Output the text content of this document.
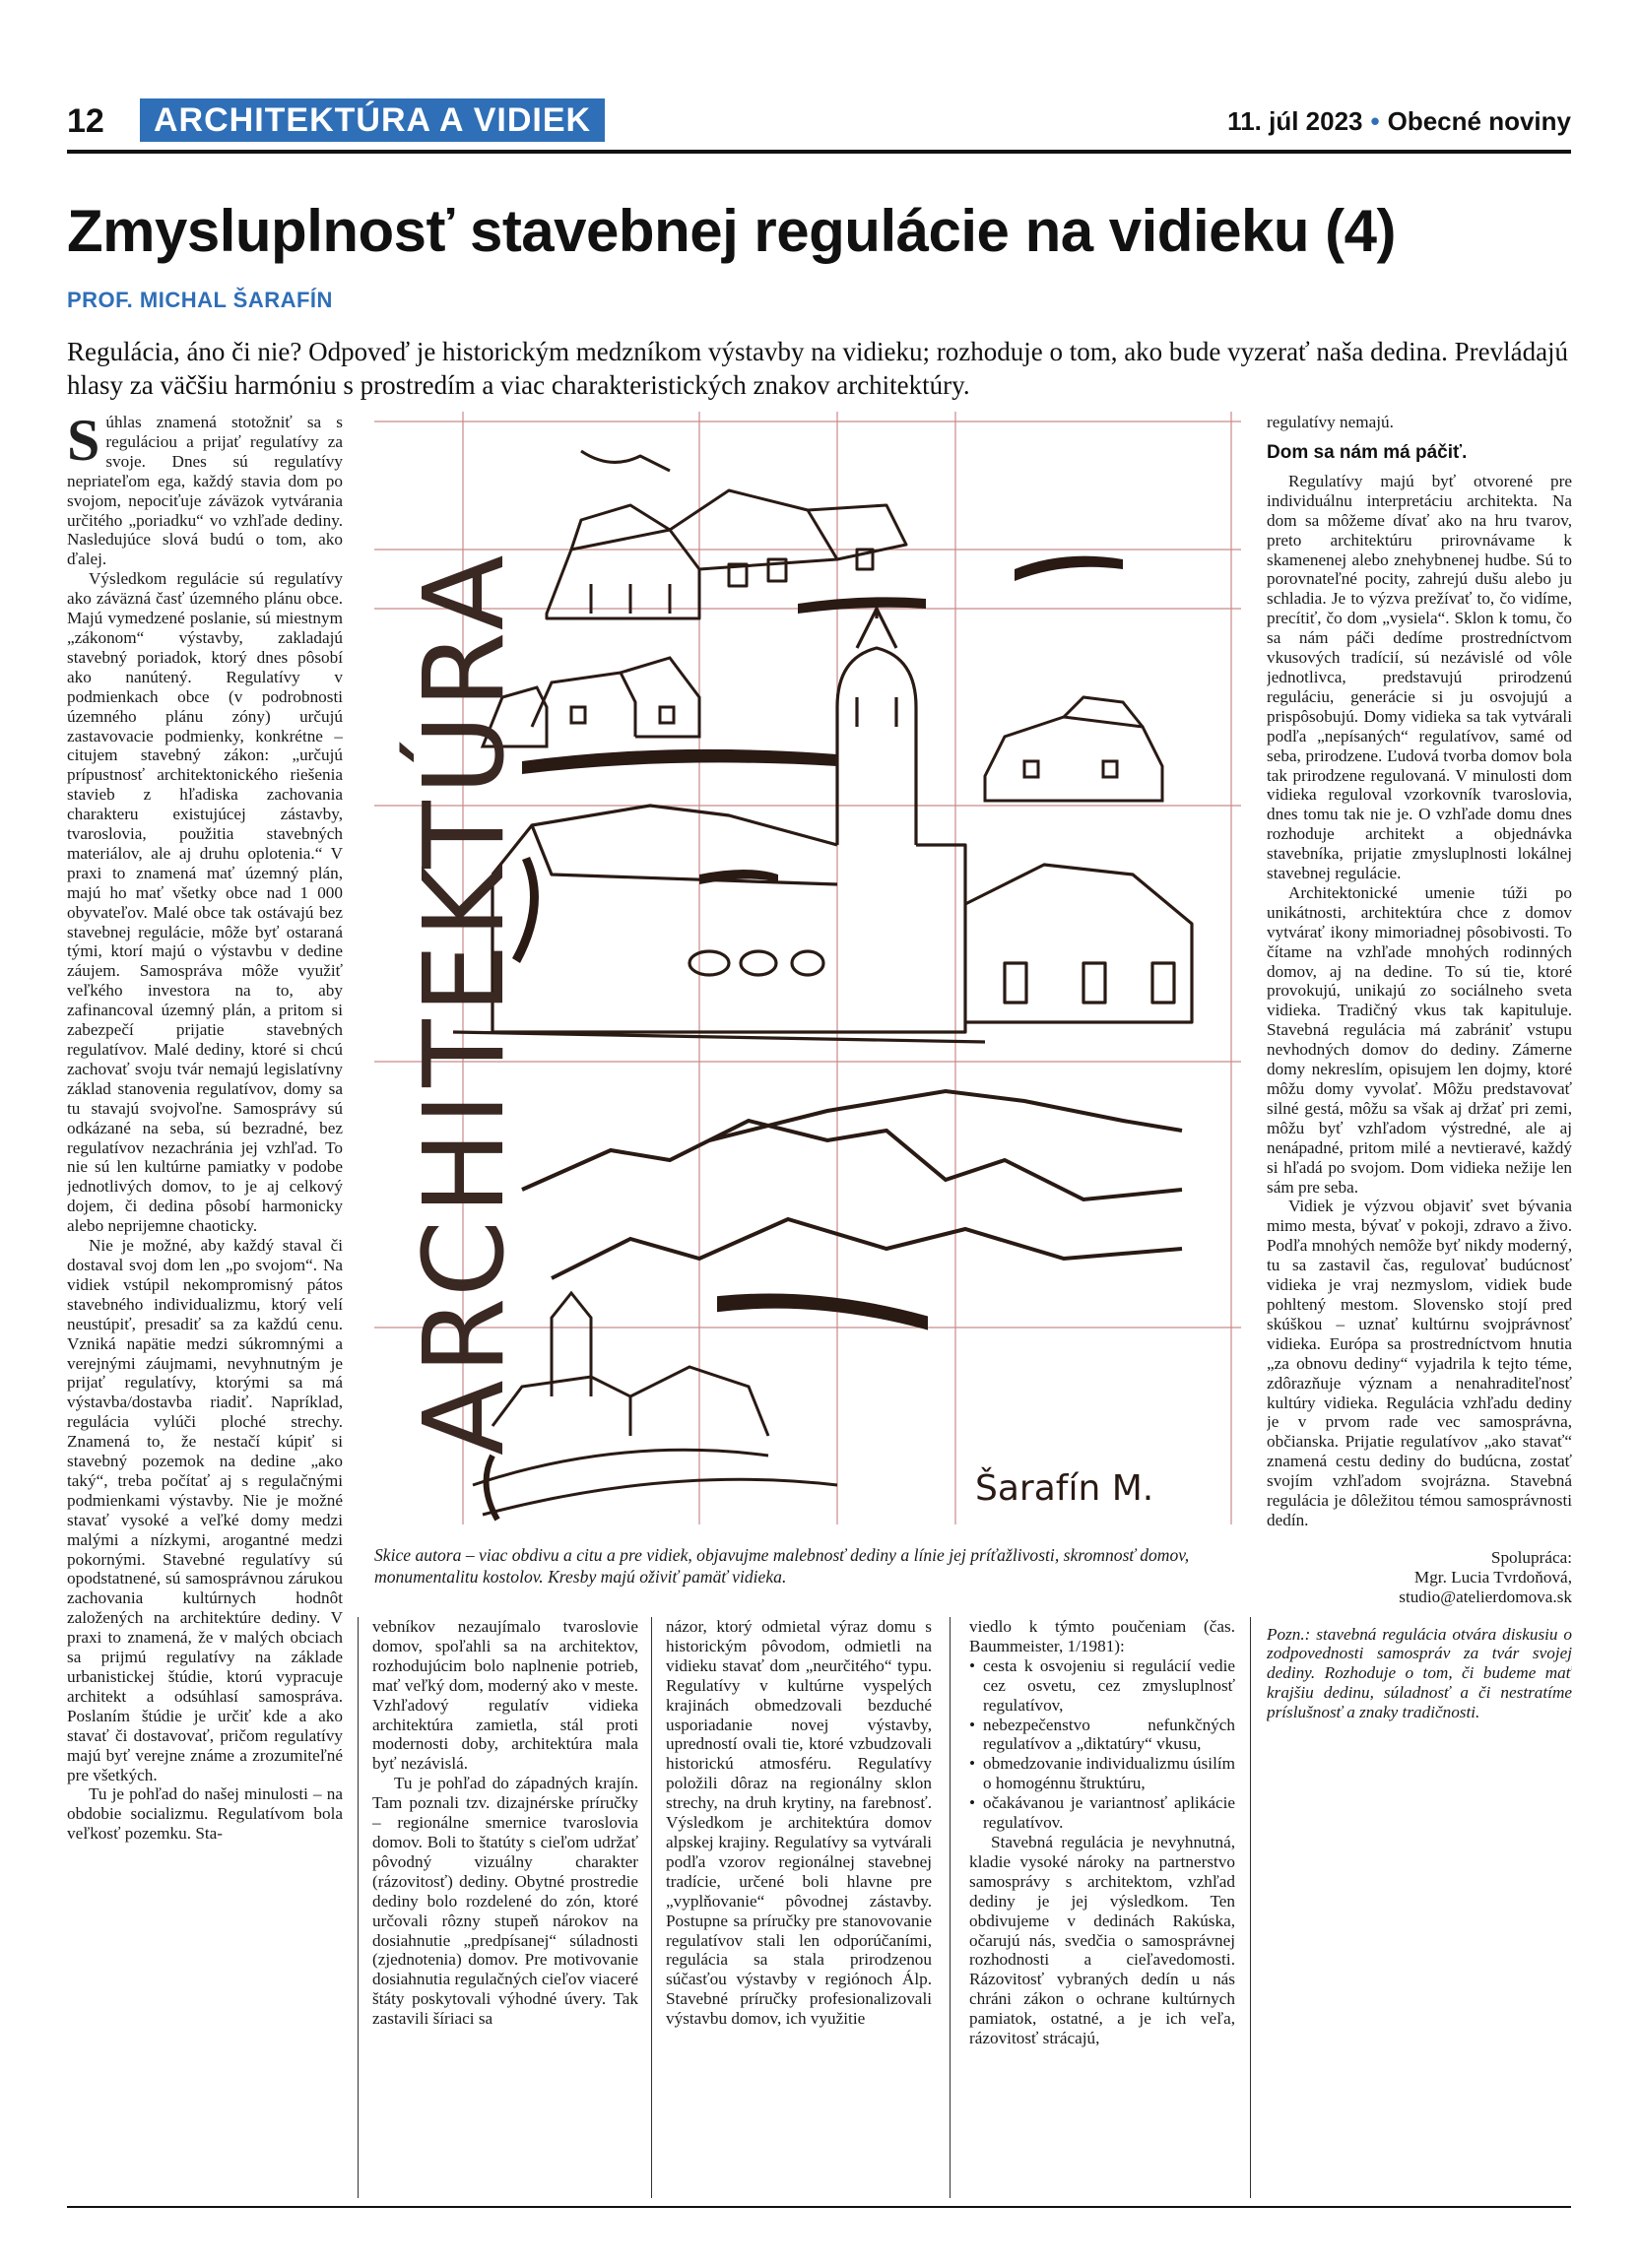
12	ARCHITEKTÚRA A VIDIEK	11. júl 2023 • Obecné noviny
Zmysluplnosť stavebnej regulácie na vidieku (4)
PROF. MICHAL ŠARAFÍN

Regulácia, áno či nie? Odpoveď je historickým medzníkom výstavby na vidieku; rozhoduje o tom, ako bude vyzerať naša dedina. Prevládajú hlasy za väčšiu harmóniu s prostredím a viac charakteristických znakov architektúry.

Súhlas znamená stotožniť sa s reguláciou a prijať regulatívy za svoje. Dnes sú regulatívy nepriateľom ega, každý stavia dom po svojom, nepociťuje záväzok vytvárania určitého „poriadku“ vo vzhľade dediny. Nasledujúce slová budú o tom, ako ďalej.

Výsledkom regulácie sú regulatívy ako záväzná časť územného plánu obce. Majú vymedzené poslanie, sú miestnym „zákonom“ výstavby, zakladajú stavebný poriadok, ktorý dnes pôsobí ako nanútený. Regulatívy v podmienkach obce (v podrobnosti územného plánu zóny) určujú zastavovacie podmienky, konkrétne – citujem stavebný zákon: „určujú prípustnosť architektonického riešenia stavieb z hľadiska zachovania charakteru existujúcej zástavby, tvaroslovia, použitia stavebných materiálov, ale aj druhu oplotenia.“ V praxi to znamená mať územný plán, majú ho mať všetky obce nad 1 000 obyvateľov. Malé obce tak ostávajú bez stavebnej regulácie, môže byť ostaraná tými, ktorí majú o výstavbu v dedine záujem. Samospráva môže využiť veľkého investora na to, aby zafinancoval územný plán, a pritom si zabezpečí prijatie stavebných regulatívov. Malé dediny, ktoré si chcú zachovať svoju tvár nemajú legislatívny základ stanovenia regulatívov, domy sa tu stavajú svojvoľne. Samosprávy sú odkázané na seba, sú bezradné, bez regulatívov nezachránia jej vzhľad. To nie sú len kultúrne pamiatky v podobe jednotlivých domov, to je aj celkový dojem, či dedina pôsobí harmonicky alebo neprijemne chaoticky.

Nie je možné, aby každý staval či dostaval svoj dom len „po svojom“. Na vidiek vstúpil nekompromisný pátos stavebného individualizmu, ktorý velí neustúpiť, presadiť sa za každú cenu. Vzniká napätie medzi súkromnými a verejnými záujmami, nevyhnutným je prijať regulatívy, ktorými sa má výstavba/dostavba riadiť. Napríklad, regulácia vylúči ploché strechy. Znamená to, že nestačí kúpiť si stavebný pozemok na dedine „ako taký“, treba počítať aj s regulačnými podmienkami výstavby. Nie je možné stavať vysoké a veľké domy medzi malými a nízkymi, arogantné medzi pokornými. Stavebné regulatívy sú opodstatnené, sú samosprávnou zárukou zachovania kultúrnych hodnôt založených na architektúre dediny. V praxi to znamená, že v malých obciach sa prijmú regulatívy na základe urbanistickej štúdie, ktorú vypracuje architekt a odsúhlasí samospráva. Poslaním štúdie je určiť kde a ako stavať či dostavovať, pričom regulatívy majú byť verejne známe a zrozumiteľné pre všetkých.

Tu je pohľad do našej minulosti – na obdobie socializmu. Regulatívom bola veľkosť pozemku. Sta-

ARCHITEKTÚRA
Šarafín M.
Skice autora – viac obdivu a citu a pre vidiek, objavujme malebnosť dediny a línie jej príťažlivosti, skromnosť domov, monumentalitu kostolov. Kresby majú oživiť pamäť vidieka.

vebníkov nezaujímalo tvaroslovie domov, spoľahli sa na architektov, rozhodujúcim bolo naplnenie potrieb, mať veľký dom, moderný ako v meste. Vzhľadový regulatív vidieka architektúra zamietla, stál proti modernosti doby, architektúra mala byť nezávislá.

Tu je pohľad do západných krajín. Tam poznali tzv. dizajnérske príručky – regionálne smernice tvaroslovia domov. Boli to štatúty s cieľom udržať pôvodný vizuálny charakter (rázovitosť) dediny. Obytné prostredie dediny bolo rozdelené do zón, ktoré určovali rôzny stupeň nárokov na dosiahnutie „predpísanej“ súladnosti (zjednotenia) domov. Pre motivovanie dosiahnutia regulačných cieľov viaceré štáty poskytovali výhodné úvery. Tak zastavili šíriaci sa

názor, ktorý odmietal výraz domu s historickým pôvodom, odmietli na vidieku stavať dom „neurčitého“ typu. Regulatívy v kultúrne vyspelých krajinách obmedzovali bezduché usporiadanie novej výstavby, upredností ovali tie, ktoré vzbudzovali historickú atmosféru. Regulatívy položili dôraz na regionálny sklon strechy, na druh krytiny, na farebnosť. Výsledkom je architektúra domov alpskej krajiny. Regulatívy sa vytvárali podľa vzorov regionálnej stavebnej tradície, určené boli hlavne pre „vyplňovanie“ pôvodnej zástavby. Postupne sa príručky pre stanovovanie regulatívov stali len odporúčaními, regulácia sa stala prirodzenou súčasťou výstavby v regiónoch Álp. Stavebné príručky profesionalizovali výstavbu domov, ich využitie

viedlo k týmto poučeniam (čas. Baummeister, 1/1981):

• cesta k osvojeniu si regulácií vedie cez osvetu, cez zmysluplnosť regulatívov,
• nebezpečenstvo nefunkčných regulatívov a „diktatúry“ vkusu,
• obmedzovanie individualizmu úsilím o homogénnu štruktúru,
• očakávanou je variantnosť aplikácie regulatívov.

Stavebná regulácia je nevyhnutná, kladie vysoké nároky na partnerstvo samosprávy s architektom, vzhľad dediny je jej výsledkom. Ten obdivujeme v dedinách Rakúska, očarujú nás, svedčia o samosprávnej rozhodnosti a cieľavedomosti. Rázovitosť vybraných dedín u nás chráni zákon o ochrane kultúrnych pamiatok, ostatné, a je ich veľa, rázovitosť strácajú,

regulatívy nemajú.

Dom sa nám má páčiť.

Regulatívy majú byť otvorené pre individuálnu interpretáciu architekta. Na dom sa môžeme dívať ako na hru tvarov, preto architektúru prirovnávame k skamenenej alebo znehybnenej hudbe. Sú to porovnateľné pocity, zahrejú dušu alebo ju schladia. Je to výzva prežívať to, čo vidíme, precítiť, čo dom „vysiela“. Sklon k tomu, čo sa nám páči dedíme prostredníctvom vkusových tradícií, sú nezávislé od vôle jednotlivca, predstavujú prirodzenú reguláciu, generácie si ju osvojujú a prispôsobujú. Domy vidieka sa tak vytvárali podľa „nepísaných“ regulatívov, samé od seba, prirodzene. Ľudová tvorba domov bola tak prirodzene regulovaná. V minulosti dom vidieka reguloval vzorkovník tvaroslovia, dnes tomu tak nie je. O vzhľade domu dnes rozhoduje architekt a objednávka stavebníka, prijatie zmysluplnosti lokálnej stavebnej regulácie.

Architektonické umenie túži po unikátnosti, architektúra chce z domov vytvárať ikony mimoriadnej pôsobivosti. To čítame na vzhľade mnohých rodinných domov, aj na dedine. To sú tie, ktoré provokujú, unikajú zo sociálneho sveta vidieka. Tradičný vkus tak kapituluje. Stavebná regulácia má zabrániť vstupu nevhodných domov do dediny. Zámerne domy nekreslím, opisujem len dojmy, ktoré môžu domy vyvolať. Môžu predstavovať silné gestá, môžu sa však aj držať pri zemi, môžu byť vzhľadom výstredné, ale aj nenápadné, pritom milé a nevtieravé, každý si hľadá po svojom. Dom vidieka nežije len sám pre seba.

Vidiek je výzvou objaviť svet bývania mimo mesta, bývať v pokoji, zdravo a živo. Podľa mnohých nemôže byť nikdy moderný, tu sa zastavil čas, regulovať budúcnosť vidieka je vraj nezmyslom, vidiek bude pohltený mestom. Slovensko stojí pred skúškou – uznať kultúrnu svojprávnosť vidieka. Európa sa prostredníctvom hnutia „za obnovu dediny“ vyjadrila k tejto téme, zdôrazňuje význam a nenahraditeľnosť kultúry vidieka. Regulácia vzhľadu dediny je v prvom rade vec samosprávna, občianska. Prijatie regulatívov „ako stavať“ znamená cestu dediny do budúcna, zostať svojím vzhľadom svojrázna. Stavebná regulácia je dôležitou témou samosprávnosti dedín.

Spolupráca:
Mgr. Lucia Tvrdoňová,
studio@atelierdomova.sk

Pozn.: stavebná regulácia otvára diskusiu o zodpovednosti samospráv za tvár svojej dediny. Rozhoduje o tom, či budeme mať krajšiu dedinu, súladnosť a či nestratíme príslušnosť a znaky tradičnosti.
